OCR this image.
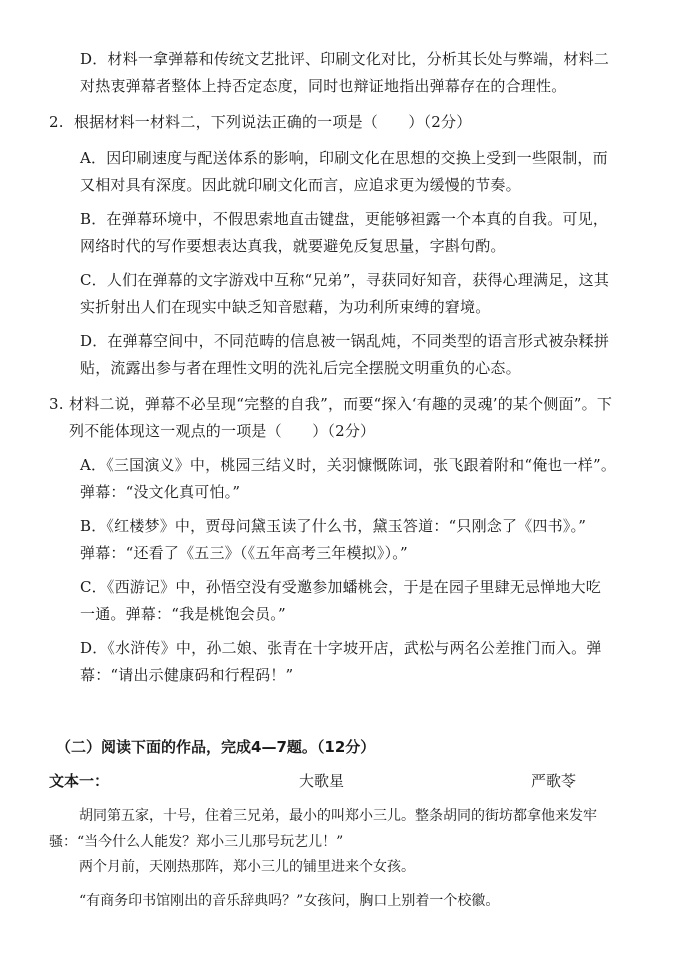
D．材料一拿弹幕和传统文艺批评、印刷文化对比，分析其长处与弊端，材料二
对热衷弹幕者整体上持否定态度，同时也辩证地指出弹幕存在的合理性。
2. 根据材料一材料二，下列说法正确的一项是（　　）（2分）
A．因印刷速度与配送体系的影响，印刷文化在思想的交换上受到一些限制，而
又相对具有深度。因此就印刷文化而言，应追求更为缓慢的节奏。
B．在弹幕环境中，不假思索地直击键盘，更能够袒露一个本真的自我。可见，
网络时代的写作要想表达真我，就要避免反复思量，字斟句酌。
C．人们在弹幕的文字游戏中互称“兄弟”，寻获同好知音，获得心理满足，这其
实折射出人们在现实中缺乏知音慰藉，为功利所束缚的窘境。
D．在弹幕空间中，不同范畴的信息被一锅乱炖，不同类型的语言形式被杂糅拼
贴，流露出参与者在理性文明的洗礼后完全摆脱文明重负的心态。
3. 材料二说，弹幕不必呈现“完整的自我”，而要“探入‘有趣的灵魂’的某个侧面”。下
列不能体现这一观点的一项是（　　）（2分）
A．《三国演义》中，桃园三结义时，关羽慷慨陈词，张飞跟着附和“俺也一样”。
弹幕：“没文化真可怕。”
B．《红楼梦》中，贾母问黛玉读了什么书，黛玉答道：“只刚念了《四书》。”
弹幕：“还看了《五三》（《五年高考三年模拟》）。”
C．《西游记》中，孙悟空没有受邀参加蟠桃会，于是在园子里肆无忌惮地大吃
一通。弹幕：“我是桃饱会员。”
D．《水浒传》中，孙二娘、张青在十字坡开店，武松与两名公差推门而入。弹
幕：“请出示健康码和行程码！”
（二）阅读下面的作品，完成4—7题。（12分）
文本一：	大歌星	严歌苓
胡同第五家，十号，住着三兄弟，最小的叫郑小三儿。整条胡同的街坊都拿他来发牢骚：“当今什么人能发？郑小三儿那号玩艺儿！”
两个月前，天刚热那阵，郑小三儿的铺里进来个女孩。
“有商务印书馆刚出的音乐辞典吗？”女孩问，胸口上别着一个校徽。
